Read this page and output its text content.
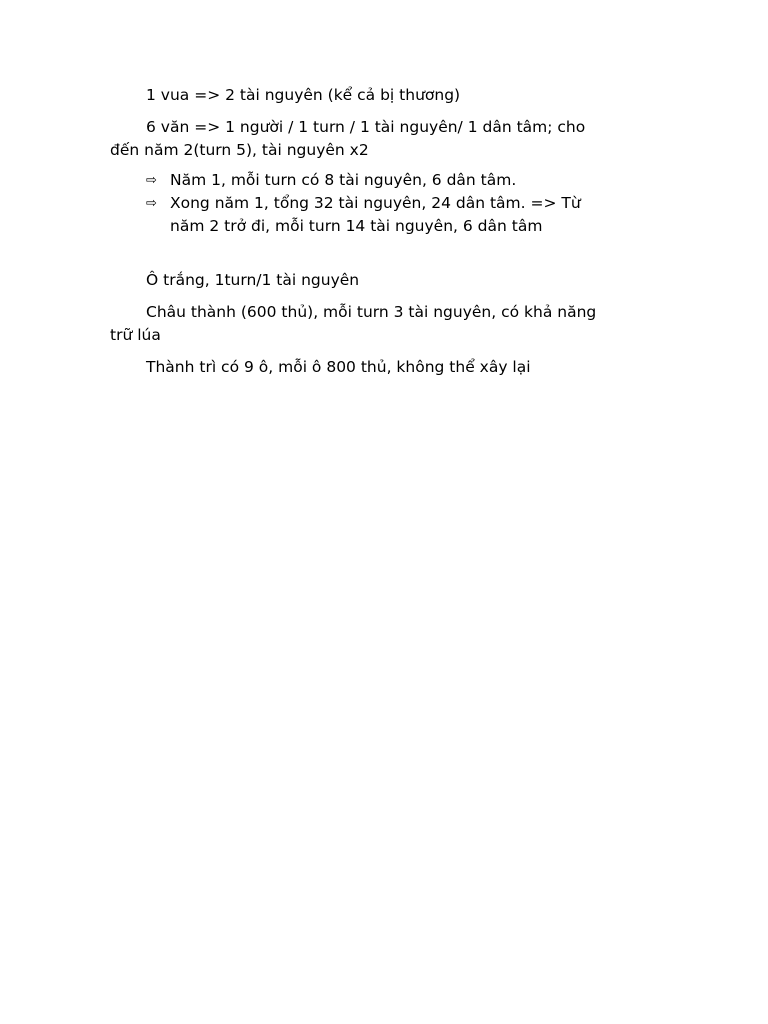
1 vua => 2 tài nguyên (kể cả bị thương)

6 văn => 1 người / 1 turn / 1 tài nguyên/ 1 dân tâm; cho đến năm 2(turn 5), tài nguyên x2

⇨ Năm 1, mỗi turn có 8 tài nguyên, 6 dân tâm.
⇨ Xong năm 1, tổng 32 tài nguyên, 24 dân tâm. => Từ năm 2 trở đi, mỗi turn 14 tài nguyên, 6 dân tâm

Ô trắng, 1turn/1 tài nguyên

Châu thành (600 thủ), mỗi turn 3 tài nguyên, có khả năng trữ lúa

Thành trì có 9 ô, mỗi ô 800 thủ, không thể xây lại
